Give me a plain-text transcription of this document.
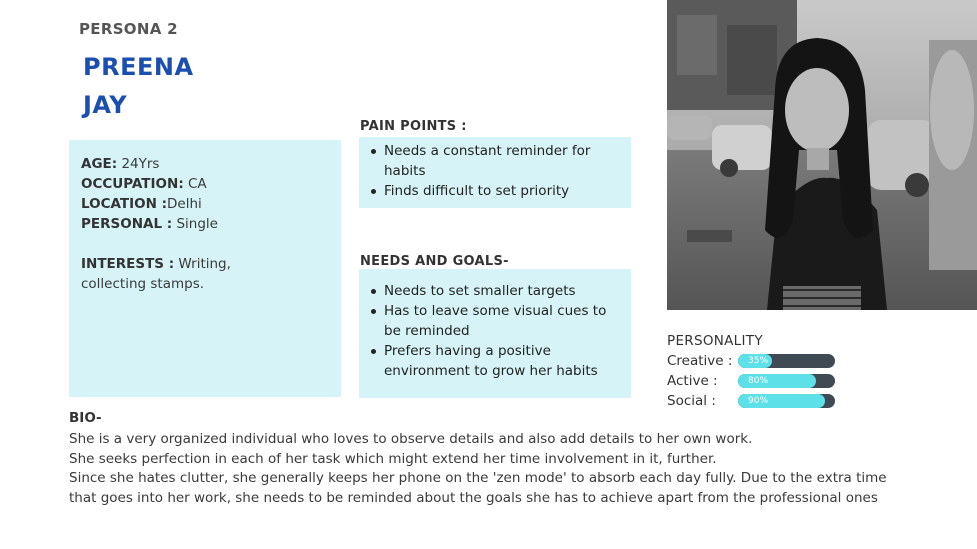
PERSONA 2
PREENA
JAY
AGE: 24Yrs
OCCUPATION: CA
LOCATION :Delhi
PERSONAL : Single
INTERESTS : Writing,
collecting stamps.
PAIN POINTS :
Needs a constant reminder for habits
Finds difficult to set priority
NEEDS AND GOALS-
Needs to set smaller targets
Has to leave some visual cues to be reminded
Prefers having a positive environment to grow her habits
PERSONALITY
Creative : 35%
Active :	80%
Social :	90%
BIO-

She is a very organized individual who loves to observe details and also add details to her own work.

She seeks perfection in each of her task which might extend her time involvement in it, further.

Since she hates clutter, she generally keeps her phone on the 'zen mode' to absorb each day fully. Due to the extra time

that goes into her work, she needs to be reminded about the goals she has to achieve apart from the professional ones
